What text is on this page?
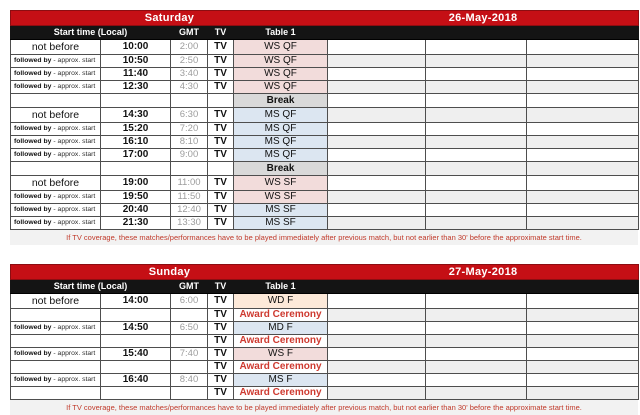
Saturday 26-May-2018							

Start time (Local)		GMT	TV	Table 1			
not before	10:00	2:00	TV	WS QF			
followed by - approx. start	10:50	2:50	TV	WS QF			
followed by - approx. start	11:40	3:40	TV	WS QF			
followed by - approx. start	12:30	4:30	TV	WS QF			
				Break			
not before	14:30	6:30	TV	MS QF			
followed by - approx. start	15:20	7:20	TV	MS QF			
followed by - approx. start	16:10	8:10	TV	MS QF			
followed by - approx. start	17:00	9:00	TV	MS QF			
				Break			
not before	19:00	11:00	TV	WS SF			
followed by - approx. start	19:50	11:50	TV	WS SF			
followed by - approx. start	20:40	12:40	TV	MS SF			
followed by - approx. start	21:30	13:30	TV	MS SF			
If TV coverage, these matches/performances have to be played immediately after previous match, but not earlier than 30' before the approximate start time.
Sunday 27-May-2018							

Start time (Local)		GMT	TV	Table 1			
not before	14:00	6:00	TV	WD F			
			TV	Award Ceremony			
followed by - approx. start	14:50	6:50	TV	MD F			
			TV	Award Ceremony			
followed by - approx. start	15:40	7:40	TV	WS F			
			TV	Award Ceremony			
followed by - approx. start	16:40	8:40	TV	MS F			
			TV	Award Ceremony			
If TV coverage, these matches/performances have to be played immediately after previous match, but not earlier than 30' before the approximate start time.
